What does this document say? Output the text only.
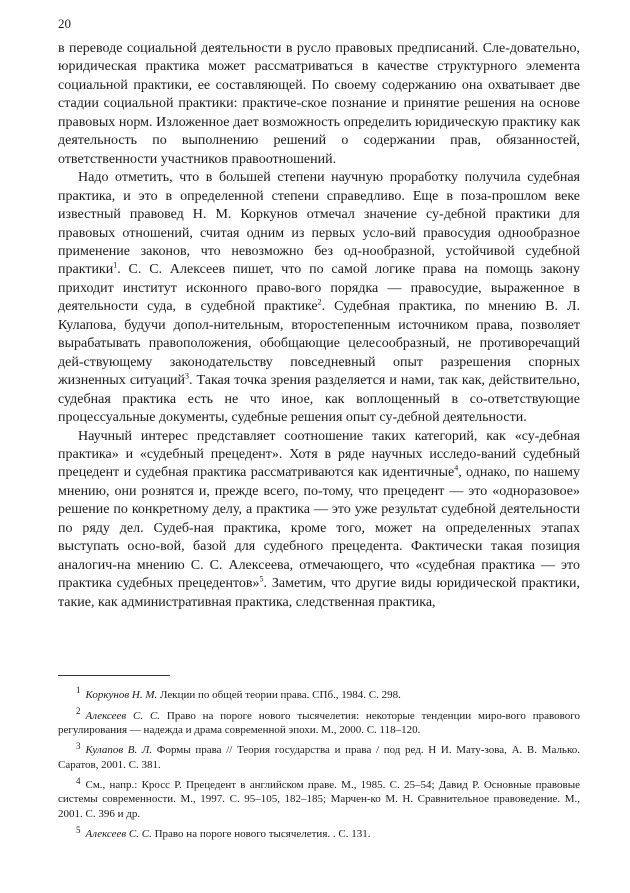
20

в переводе социальной деятельности в русло правовых предписаний. Сле-довательно, юридическая практика может рассматриваться в качестве структурного элемента социальной практики, ее составляющей. По своему содержанию она охватывает две стадии социальной практики: практиче-ское познание и принятие решения на основе правовых норм. Изложенное дает возможность определить юридическую практику как деятельность по выполнению решений о содержании прав, обязанностей, ответственности участников правоотношений.

Надо отметить, что в большей степени научную проработку получила судебная практика, и это в определенной степени справедливо. Еще в поза-прошлом веке известный правовед Н. М. Коркунов отмечал значение су-дебной практики для правовых отношений, считая одним из первых усло-вий правосудия однообразное применение законов, что невозможно без од-нообразной, устойчивой судебной практики$^1$. С. С. Алексеев пишет, что по самой логике права на помощь закону приходит институт исконного право-вого порядка — правосудие, выраженное в деятельности суда, в судебной практике$^2$. Судебная практика, по мнению В. Л. Кулапова, будучи допол-нительным, второстепенным источником права, позволяет вырабатывать правоположения, обобщающие целесообразный, не противоречащий дей-ствующему законодательству повседневный опыт разрешения спорных жизненных ситуаций$^3$. Такая точка зрения разделяется и нами, так как, действительно, судебная практика есть не что иное, как воплощенный в со-ответствующие процессуальные документы, судебные решения опыт су-дебной деятельности.

Научный интерес представляет соотношение таких категорий, как «су-дебная практика» и «судебный прецедент». Хотя в ряде научных исследо-ваний судебный прецедент и судебная практика рассматриваются как идентичные$^4$, однако, по нашему мнению, они рознятся и, прежде всего, по-тому, что прецедент — это «одноразовое» решение по конкретному делу, а практика — это уже результат судебной деятельности по ряду дел. Судеб-ная практика, кроме того, может на определенных этапах выступать осно-вой, базой для судебного прецедента. Фактически такая позиция аналогич-на мнению С. С. Алексеева, отмечающего, что «судебная практика — это практика судебных прецедентов»$^5$. Заметим, что другие виды юридической практики, такие, как административная практика, следственная практика,

$^1$ Коркунов Н. М. Лекции по общей теории права. СПб., 1984. С. 298.

$^2$ Алексеев С. С. Право на пороге нового тысячелетия: некоторые тенденции миро-вого правового регулирования — надежда и драма современной эпохи. М., 2000. С. 118–120.

$^3$ Кулапов В. Л. Формы права // Теория государства и права / под ред. Н И. Мату-зова, А. В. Малько. Саратов, 2001. С. 381.

$^4$ См., напр.: Кросс Р. Прецедент в английском праве. М., 1985. С. 25–54; Давид Р. Основные правовые системы современности. М., 1997. С. 95–105, 182–185; Марчен-ко М. Н. Сравнительное правоведение. М., 2001. С. 396 и др.

$^5$ Алексеев С. С. Право на пороге нового тысячелетия. . С. 131.
